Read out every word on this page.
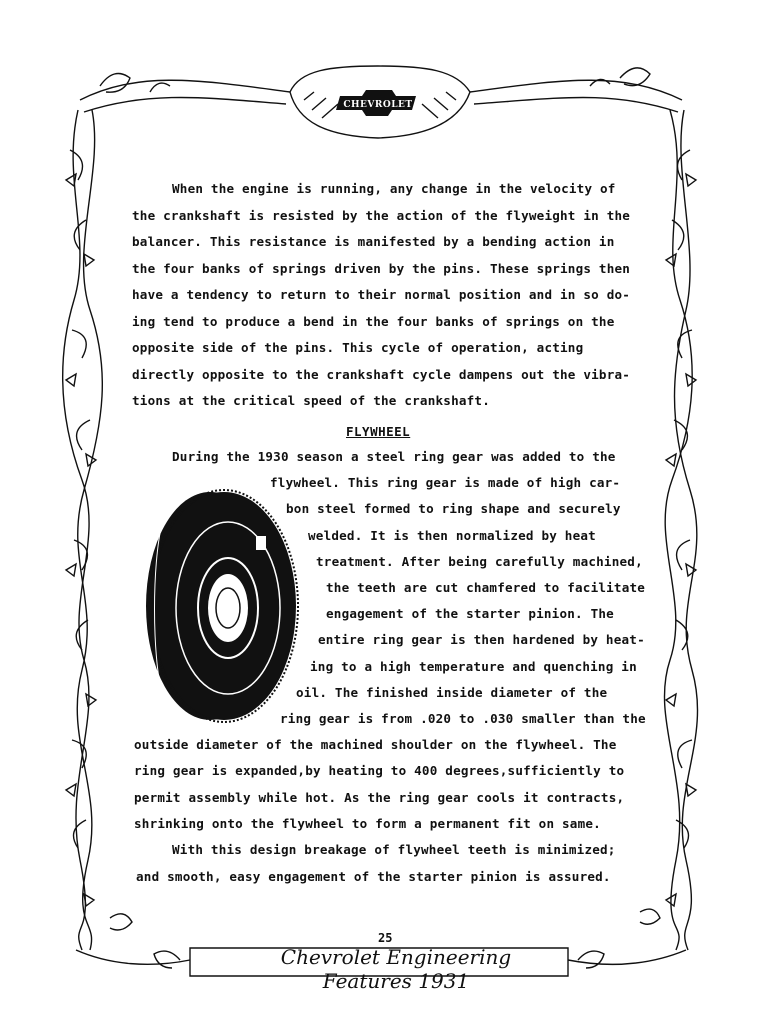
CHEVROLET

When the engine is running, any change in the velocity of

the crankshaft is resisted by the action of the flyweight in the

balancer. This resistance is manifested by a bending action in

the four banks of springs driven by the pins. These springs then

have a tendency to return to their normal position and in so do-

ing tend to produce a bend in the four banks of springs on the

opposite side of the pins. This cycle of operation, acting

directly opposite to the crankshaft cycle dampens out the vibra-

tions at the critical speed of the crankshaft.

FLYWHEEL

During the 1930 season a steel ring gear was added to the

flywheel. This ring gear is made of high car-

bon steel formed to ring shape and securely

welded. It is then normalized by heat

treatment. After being carefully machined,

the teeth are cut chamfered to facilitate

engagement of the starter pinion. The

entire ring gear is then hardened by heat-

ing to a high temperature and quenching in

oil. The finished inside diameter of the

ring gear is from .020 to .030 smaller than the

outside diameter of the machined shoulder on the flywheel. The

ring gear is expanded,by heating to 400 degrees,sufficiently to

permit assembly while hot. As the ring gear cools it contracts,

shrinking onto the flywheel to form a permanent fit on same.

With this design breakage of flywheel teeth is minimized;

and smooth, easy engagement of the starter pinion is assured.

25
Chevrolet Engineering Features 1931
